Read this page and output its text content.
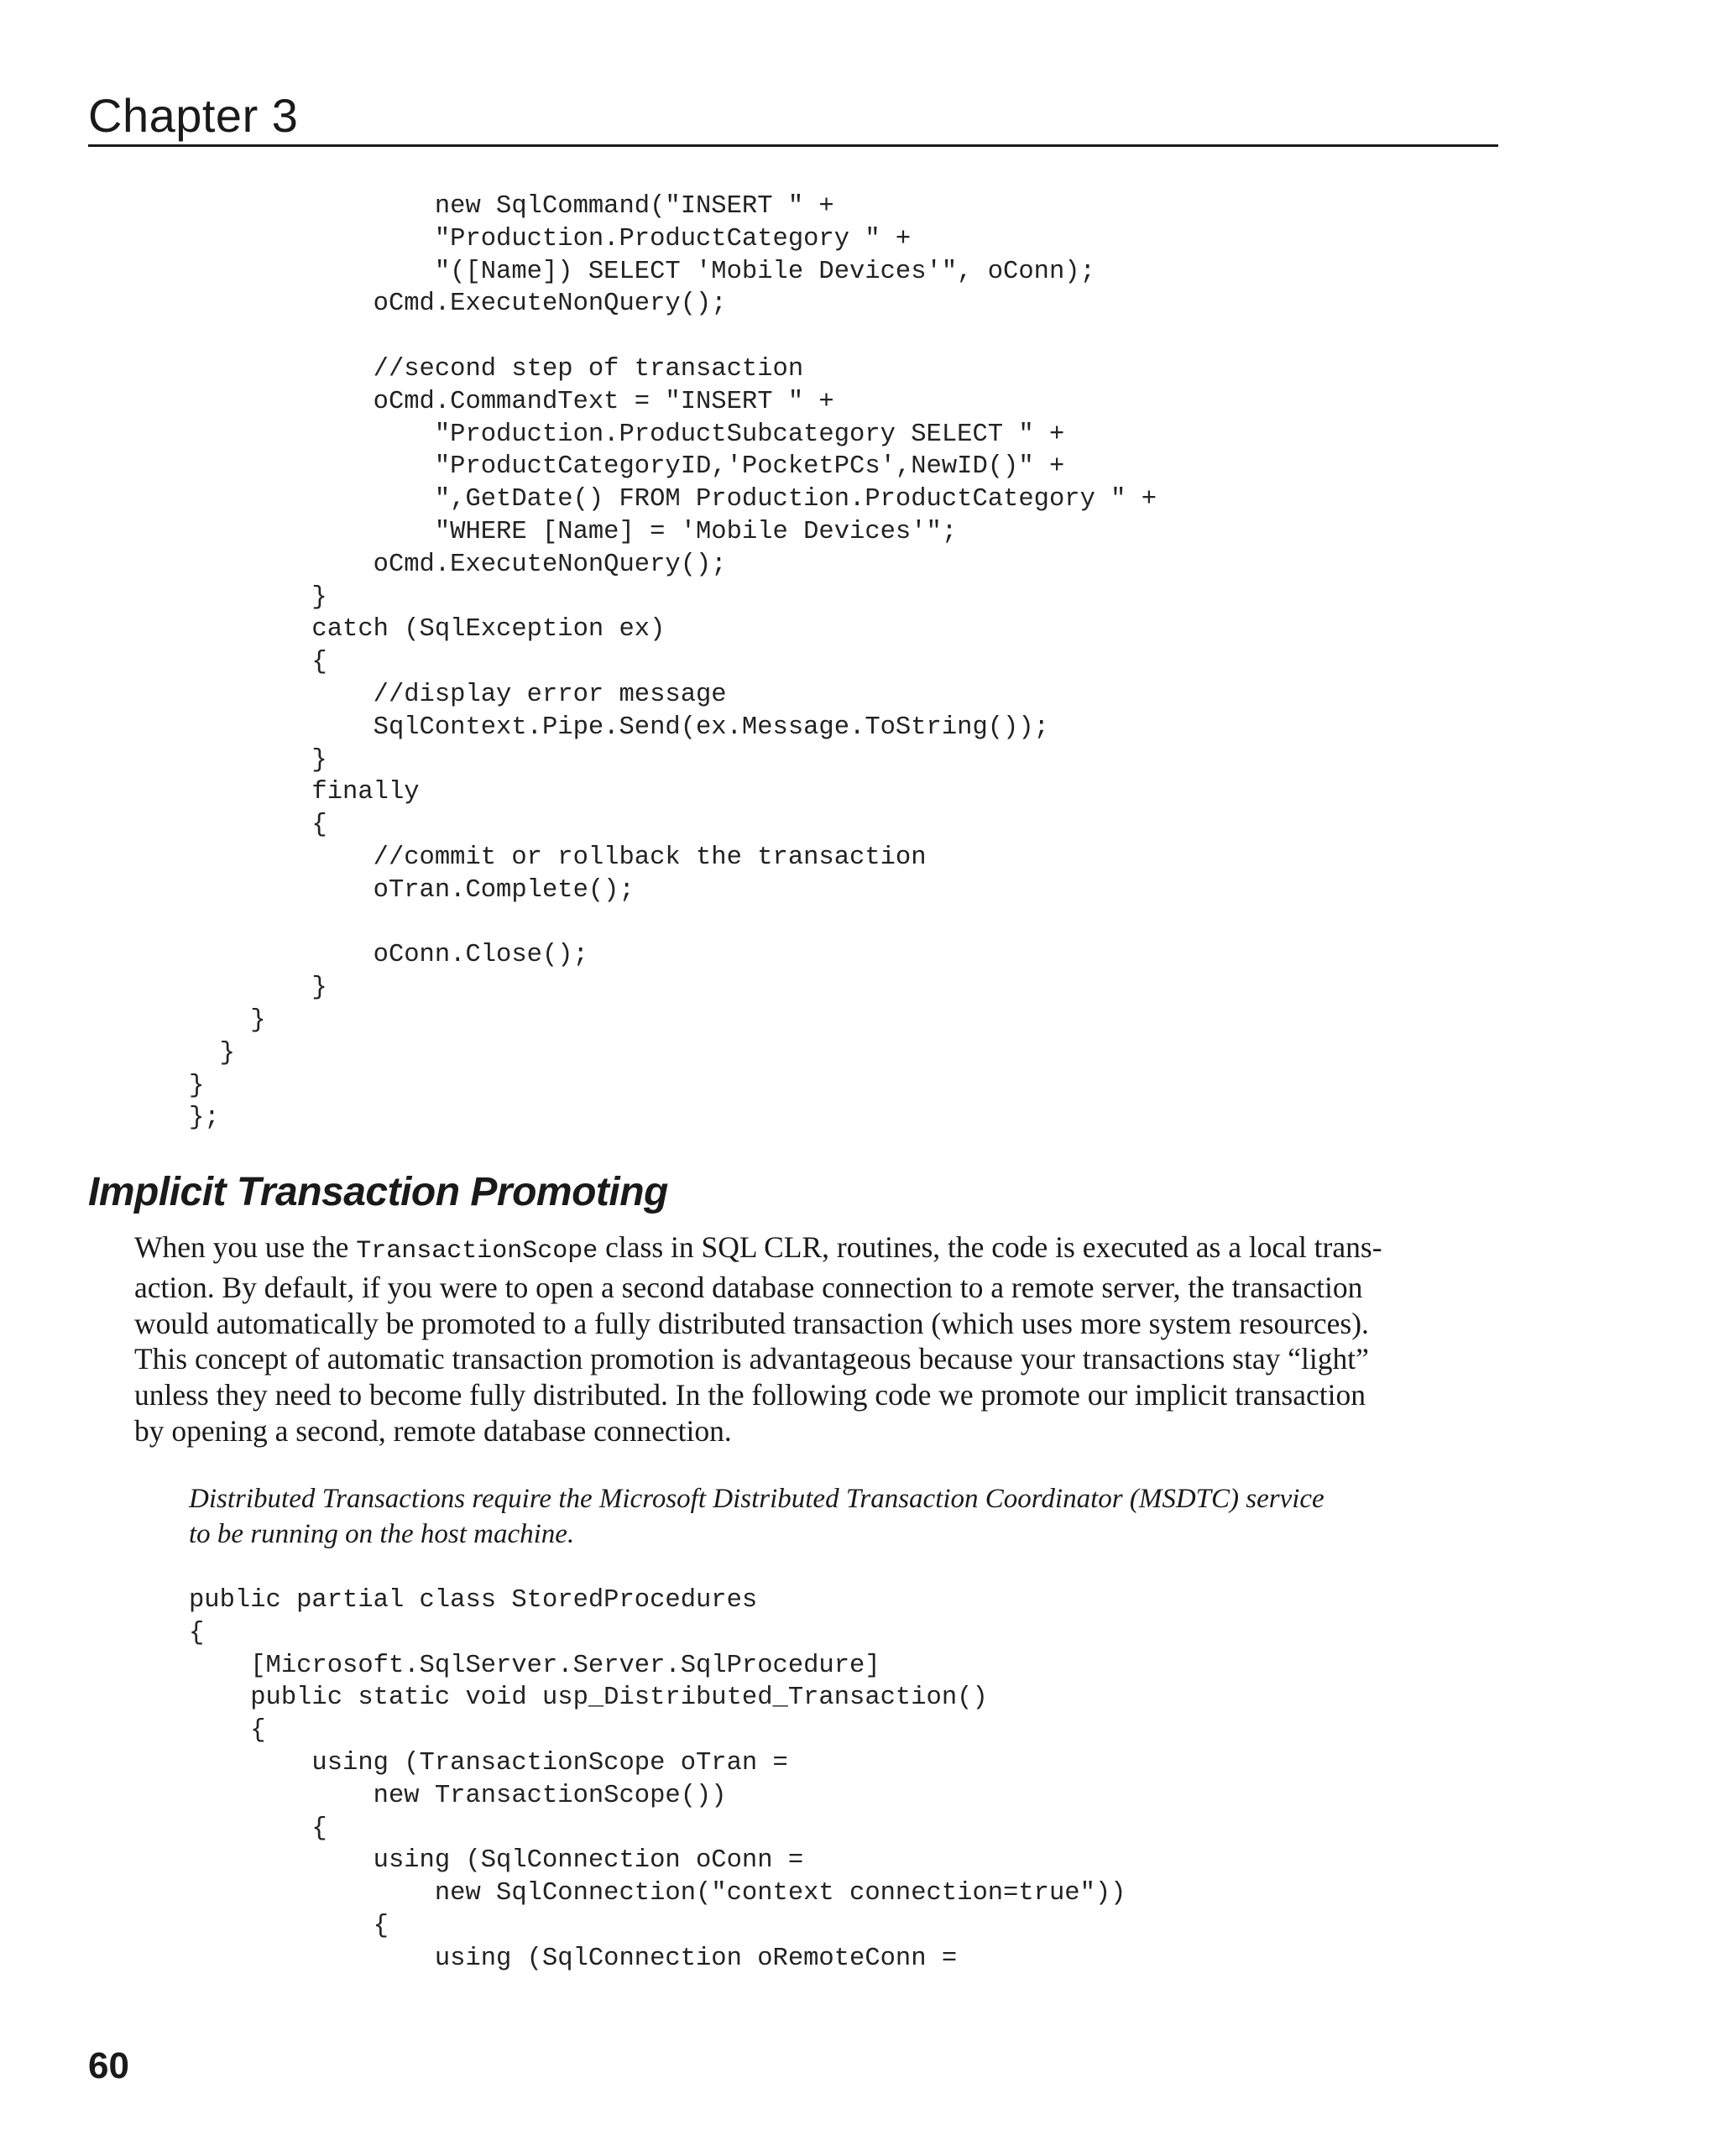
Chapter 3
new SqlCommand("INSERT " +
"Production.ProductCategory " +
"([Name]) SELECT 'Mobile Devices'", oConn);
oCmd.ExecuteNonQuery();
//second step of transaction
oCmd.CommandText = "INSERT " +
"Production.ProductSubcategory SELECT " +
"ProductCategoryID,'PocketPCs',NewID()" +
",GetDate() FROM Production.ProductCategory " +
"WHERE [Name] = 'Mobile Devices'";
oCmd.ExecuteNonQuery();
}
catch (SqlException ex)
{
//display error message
SqlContext.Pipe.Send(ex.Message.ToString());
}
finally
{
//commit or rollback the transaction
oTran.Complete();
oConn.Close();
}
}
}
}
};
Implicit Transaction Promoting

When you use the TransactionScope class in SQL CLR, routines, the code is executed as a local trans-
action. By default, if you were to open a second database connection to a remote server, the transaction
would automatically be promoted to a fully distributed transaction (which uses more system resources).
This concept of automatic transaction promotion is advantageous because your transactions stay “light”
unless they need to become fully distributed. In the following code we promote our implicit transaction
by opening a second, remote database connection.

Distributed Transactions require the Microsoft Distributed Transaction Coordinator (MSDTC) service
to be running on the host machine.

public partial class StoredProcedures
{
[Microsoft.SqlServer.Server.SqlProcedure]
public static void usp_Distributed_Transaction()
{
using (TransactionScope oTran =
new TransactionScope())
{
using (SqlConnection oConn =
new SqlConnection("context connection=true"))
{
using (SqlConnection oRemoteConn =

60
